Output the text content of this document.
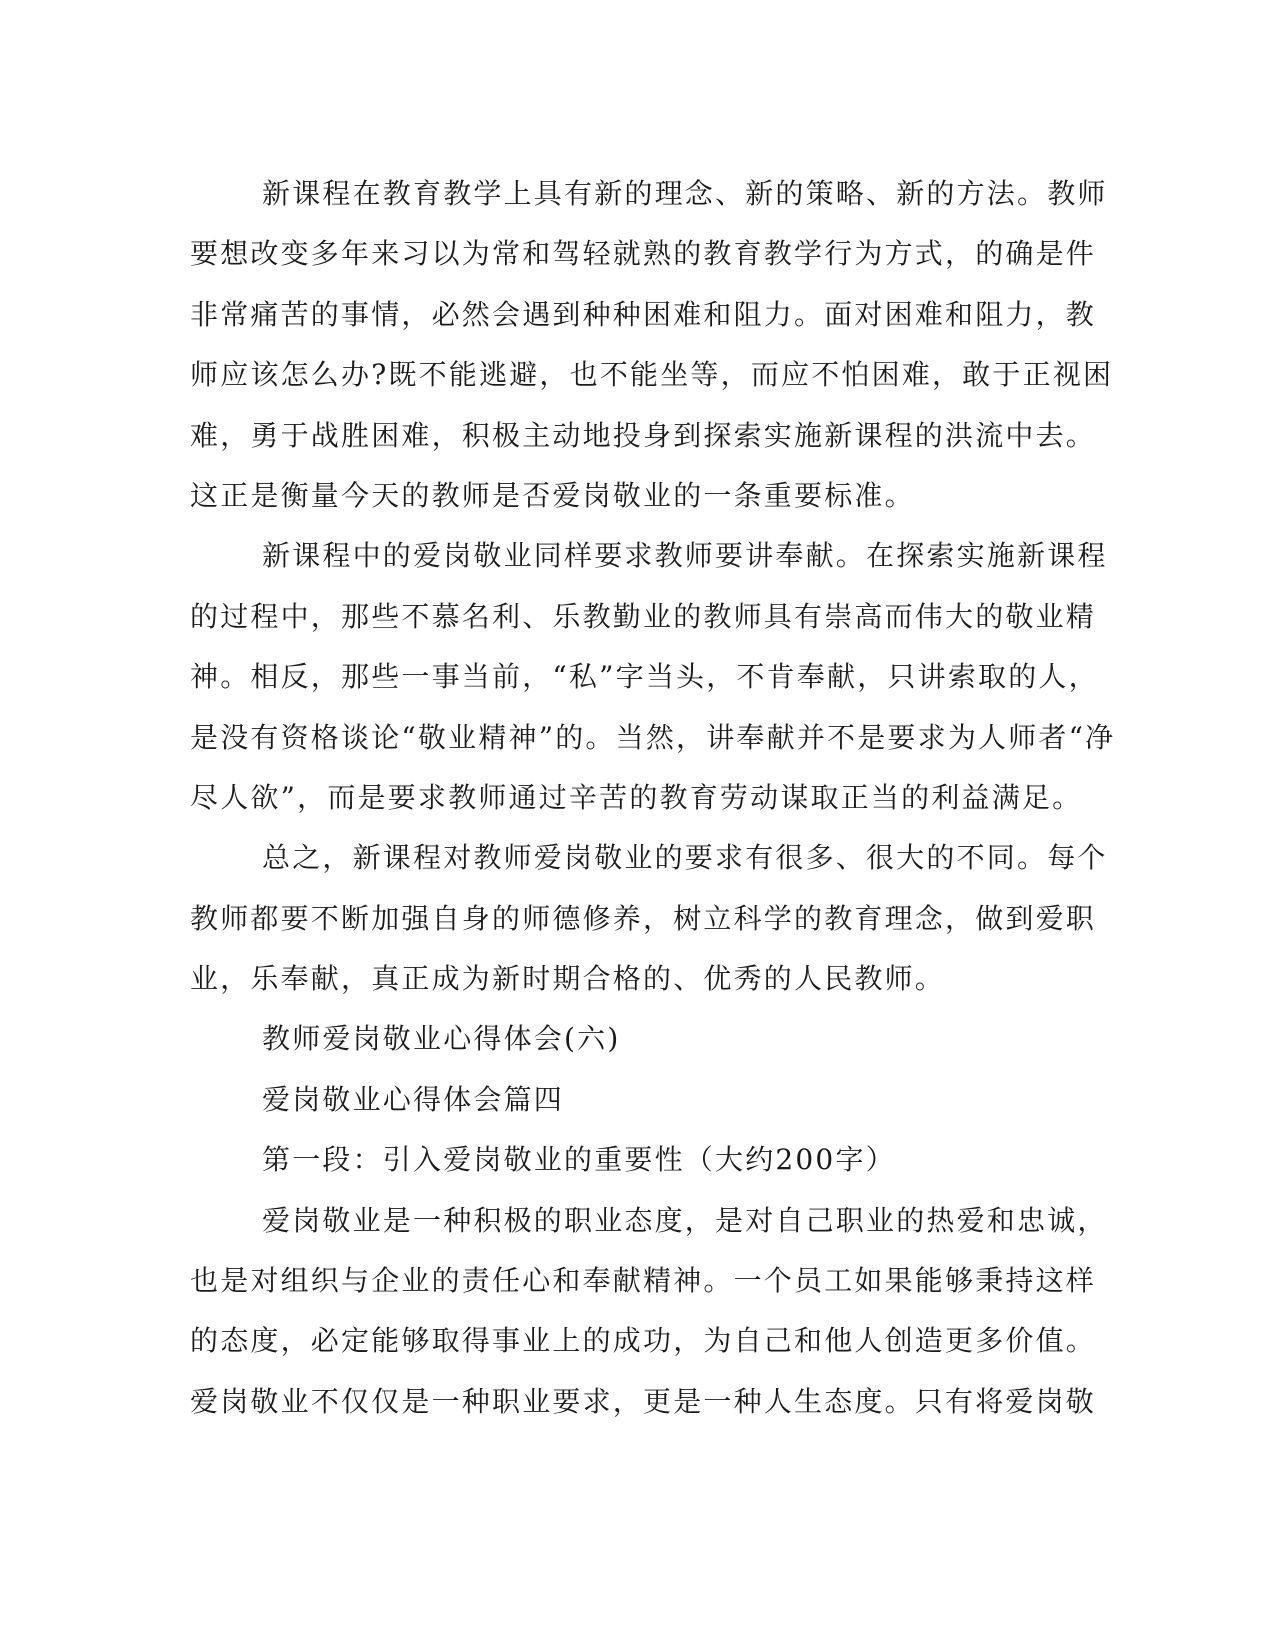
新课程在教育教学上具有新的理念、新的策略、新的方法。教师
要想改变多年来习以为常和驾轻就熟的教育教学行为方式，的确是件
非常痛苦的事情，必然会遇到种种困难和阻力。面对困难和阻力，教
师应该怎么办?既不能逃避，也不能坐等，而应不怕困难，敢于正视困
难，勇于战胜困难，积极主动地投身到探索实施新课程的洪流中去。
这正是衡量今天的教师是否爱岗敬业的一条重要标准。
新课程中的爱岗敬业同样要求教师要讲奉献。在探索实施新课程
的过程中，那些不慕名利、乐教勤业的教师具有崇高而伟大的敬业精
神。相反，那些一事当前，“私”字当头，不肯奉献，只讲索取的人，
是没有资格谈论“敬业精神”的。当然，讲奉献并不是要求为人师者“净
尽人欲”，而是要求教师通过辛苦的教育劳动谋取正当的利益满足。
总之，新课程对教师爱岗敬业的要求有很多、很大的不同。每个
教师都要不断加强自身的师德修养，树立科学的教育理念，做到爱职
业，乐奉献，真正成为新时期合格的、优秀的人民教师。
教师爱岗敬业心得体会(六)
爱岗敬业心得体会篇四
第一段：引入爱岗敬业的重要性（大约200字）
爱岗敬业是一种积极的职业态度，是对自己职业的热爱和忠诚，
也是对组织与企业的责任心和奉献精神。一个员工如果能够秉持这样
的态度，必定能够取得事业上的成功，为自己和他人创造更多价值。
爱岗敬业不仅仅是一种职业要求，更是一种人生态度。只有将爱岗敬
